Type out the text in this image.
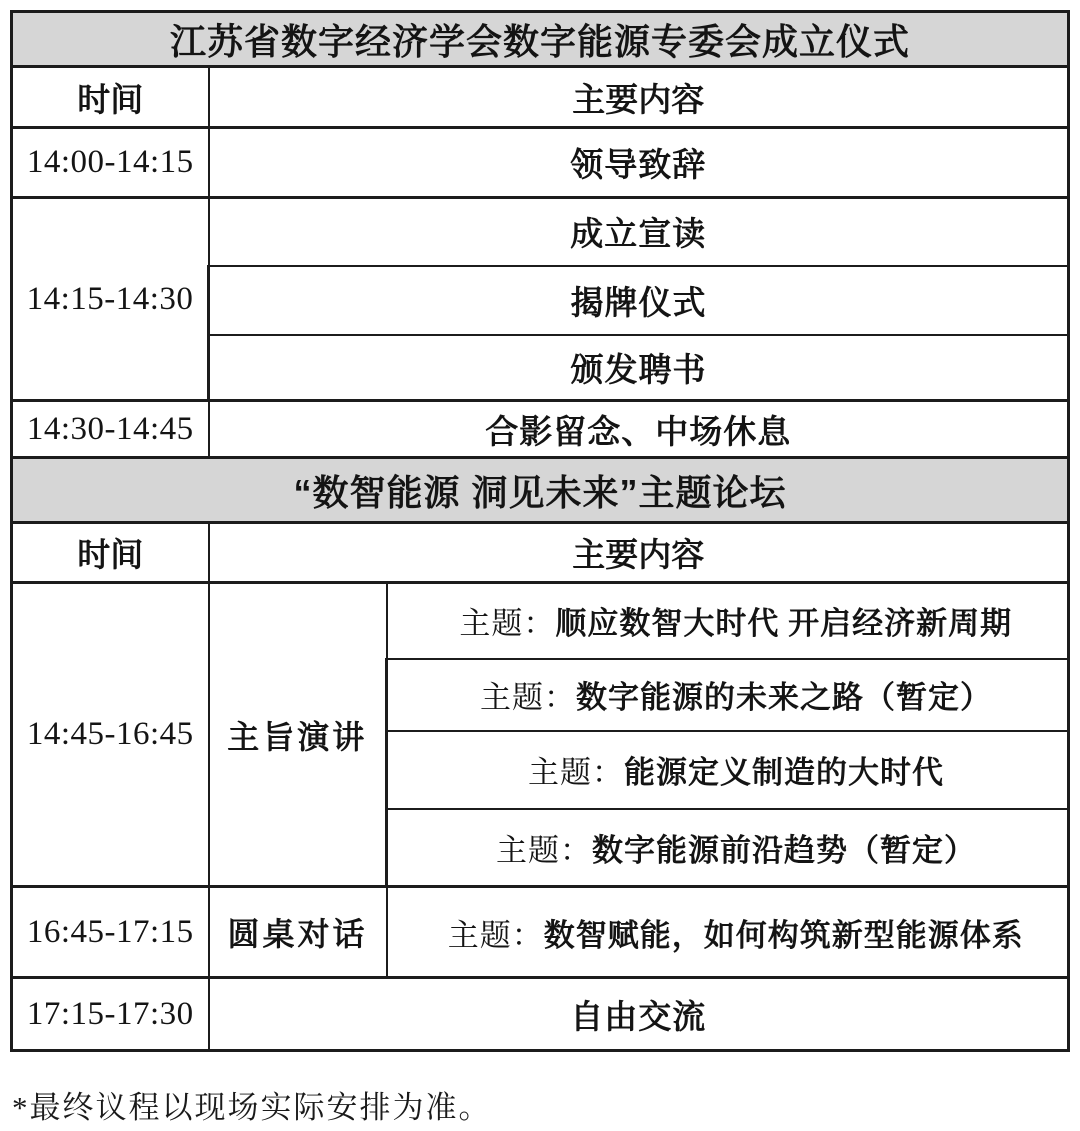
江苏省数字经济学会数字能源专委会成立仪式		
时间	主要内容	
14:00-14:15	领导致辞	
14:15-14:30	成立宣读	
	揭牌仪式	
	颁发聘书	
14:30-14:45	合影留念、中场休息	
“数智能源 洞见未来”主题论坛		
时间	主要内容	
14:45-16:45	主旨演讲	主题：顺应数智大时代 开启经济新周期
		主题：数字能源的未来之路（暂定）
		主题：能源定义制造的大时代
		主题：数字能源前沿趋势（暂定）
16:45-17:15	圆桌对话	主题：数智赋能，如何构筑新型能源体系
17:15-17:30	自由交流	
*最终议程以现场实际安排为准。
